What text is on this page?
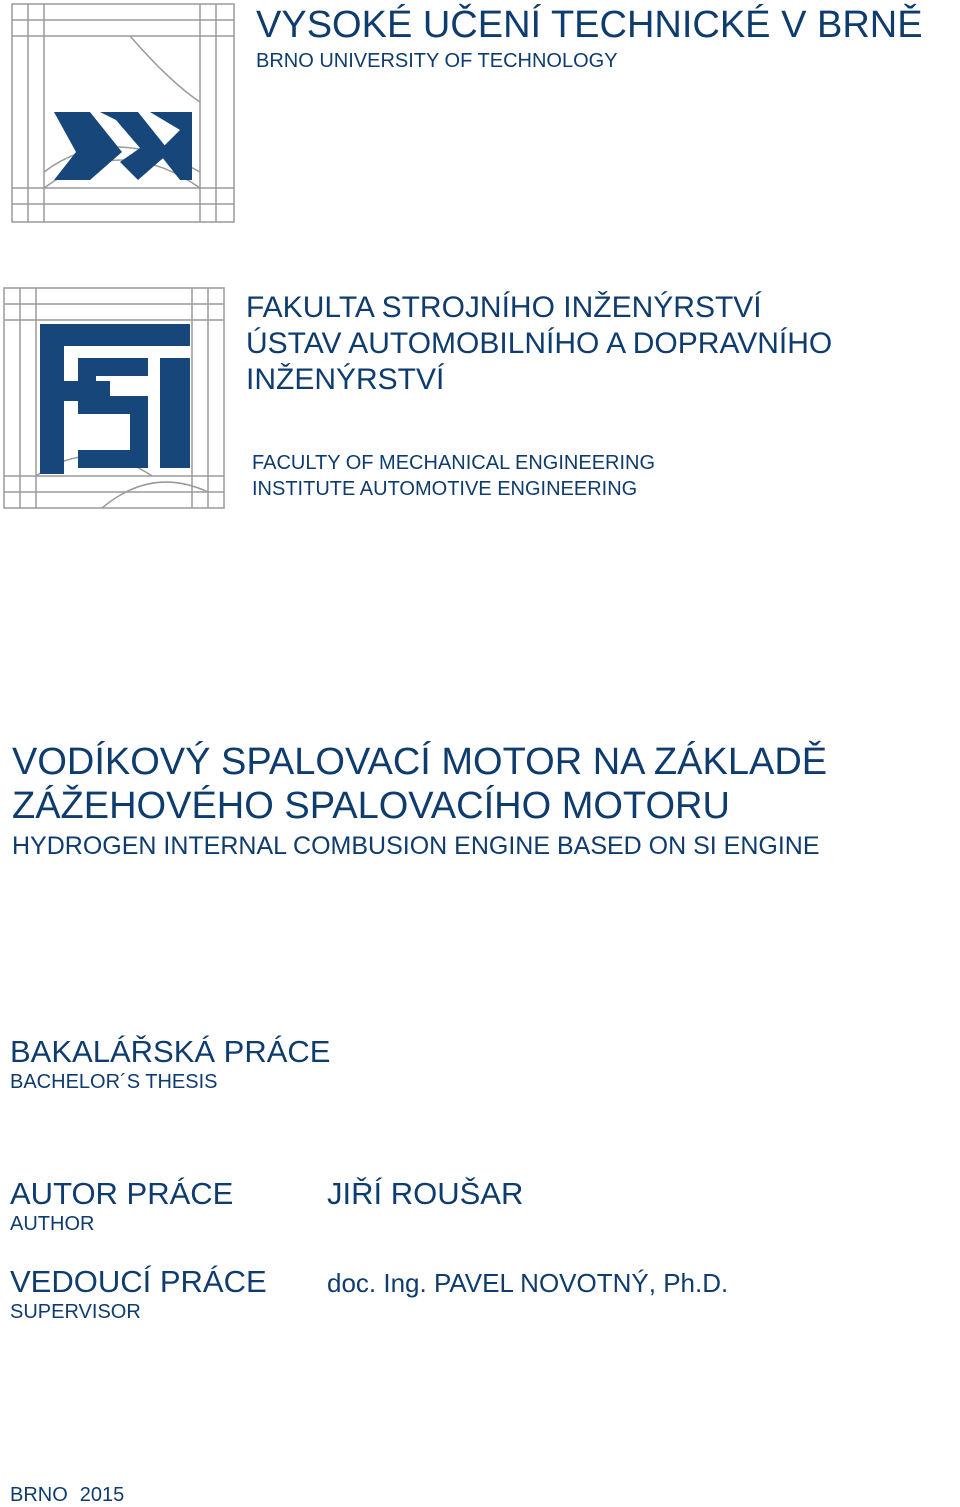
VYSOKÉ UČENÍ TECHNICKÉ V BRNĚ
BRNO UNIVERSITY OF TECHNOLOGY
FAKULTA STROJNÍHO INŽENÝRSTVÍ
ÚSTAV AUTOMOBILNÍHO A DOPRAVNÍHO
INŽENÝRSTVÍ
FACULTY OF MECHANICAL ENGINEERING
INSTITUTE AUTOMOTIVE ENGINEERING
VODÍKOVÝ SPALOVACÍ MOTOR NA ZÁKLADĚ
ZÁŽEHOVÉHO SPALOVACÍHO MOTORU
HYDROGEN INTERNAL COMBUSION ENGINE BASED ON SI ENGINE
BAKALÁŘSKÁ PRÁCE
BACHELOR´S THESIS
AUTOR PRÁCE
AUTHOR
JIŘÍ ROUŠAR
VEDOUCÍ PRÁCE
SUPERVISOR
doc. Ing. PAVEL NOVOTNÝ, Ph.D.
BRNO 2015
